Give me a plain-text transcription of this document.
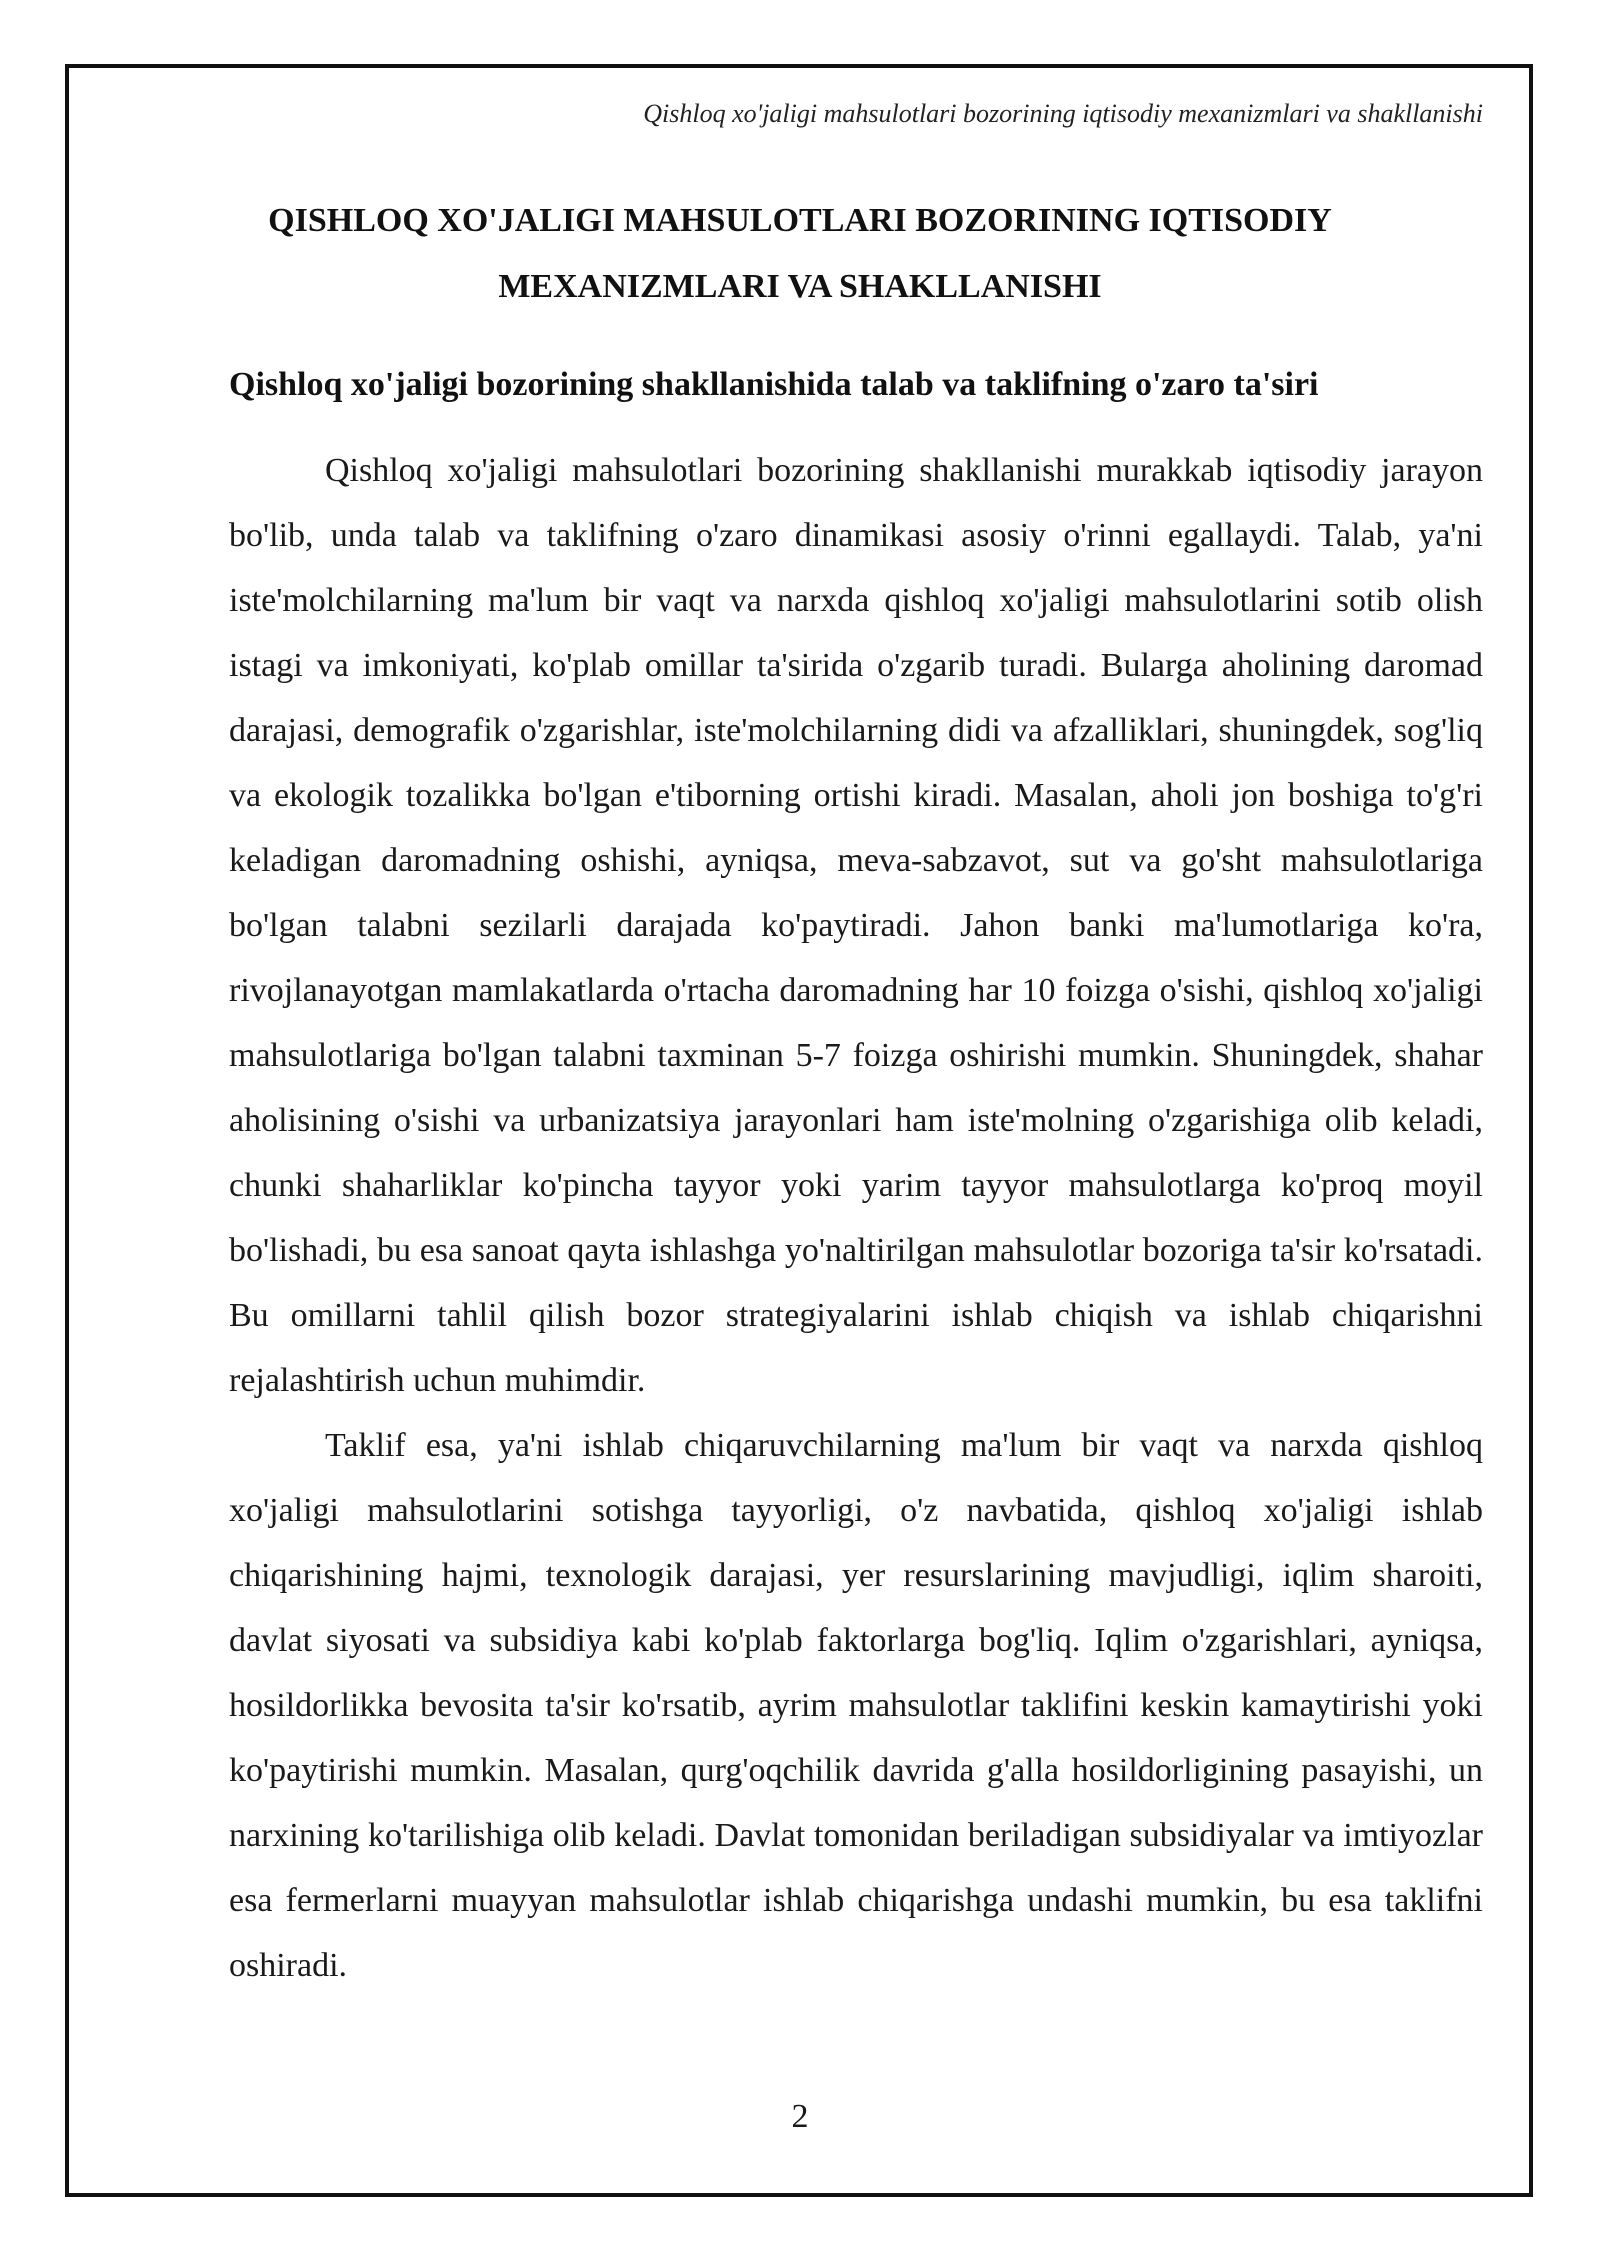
Qishloq xo'jaligi mahsulotlari bozorining iqtisodiy mexanizmlari va shakllanishi
QISHLOQ XO'JALIGI MAHSULOTLARI BOZORINING IQTISODIY MEXANIZMLARI VA SHAKLLANISHI
Qishloq xo'jaligi bozorining shakllanishida talab va taklifning o'zaro ta'siri

Qishloq xo'jaligi mahsulotlari bozorining shakllanishi murakkab iqtisodiy jarayon bo'lib, unda talab va taklifning o'zaro dinamikasi asosiy o'rinni egallaydi. Talab, ya'ni iste'molchilarning ma'lum bir vaqt va narxda qishloq xo'jaligi mahsulotlarini sotib olish istagi va imkoniyati, ko'plab omillar ta'sirida o'zgarib turadi. Bularga aholining daromad darajasi, demografik o'zgarishlar, iste'molchilarning didi va afzalliklari, shuningdek, sog'liq va ekologik tozalikka bo'lgan e'tiborning ortishi kiradi. Masalan, aholi jon boshiga to'g'ri keladigan daromadning oshishi, ayniqsa, meva-sabzavot, sut va go'sht mahsulotlariga bo'lgan talabni sezilarli darajada ko'paytiradi. Jahon banki ma'lumotlariga ko'ra, rivojlanayotgan mamlakatlarda o'rtacha daromadning har 10 foizga o'sishi, qishloq xo'jaligi mahsulotlariga bo'lgan talabni taxminan 5-7 foizga oshirishi mumkin. Shuningdek, shahar aholisining o'sishi va urbanizatsiya jarayonlari ham iste'molning o'zgarishiga olib keladi, chunki shaharliklar ko'pincha tayyor yoki yarim tayyor mahsulotlarga ko'proq moyil bo'lishadi, bu esa sanoat qayta ishlashga yo'naltirilgan mahsulotlar bozoriga ta'sir ko'rsatadi. Bu omillarni tahlil qilish bozor strategiyalarini ishlab chiqish va ishlab chiqarishni rejalashtirish uchun muhimdir.

Taklif esa, ya'ni ishlab chiqaruvchilarning ma'lum bir vaqt va narxda qishloq xo'jaligi mahsulotlarini sotishga tayyorligi, o'z navbatida, qishloq xo'jaligi ishlab chiqarishining hajmi, texnologik darajasi, yer resurslarining mavjudligi, iqlim sharoiti, davlat siyosati va subsidiya kabi ko'plab faktorlarga bog'liq. Iqlim o'zgarishlari, ayniqsa, hosildorlikka bevosita ta'sir ko'rsatib, ayrim mahsulotlar taklifini keskin kamaytirishi yoki ko'paytirishi mumkin. Masalan, qurg'oqchilik davrida g'alla hosildorligining pasayishi, un narxining ko'tarilishiga olib keladi. Davlat tomonidan beriladigan subsidiyalar va imtiyozlar esa fermerlarni muayyan mahsulotlar ishlab chiqarishga undashi mumkin, bu esa taklifni oshiradi.

2
